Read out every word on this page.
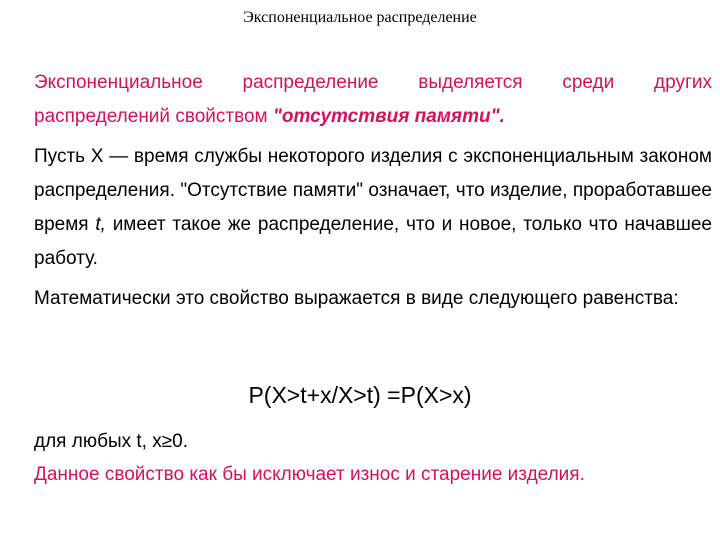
Экспоненциальное распределение

Экспоненциальное распределение выделяется среди других распределений свойством "отсутствия памяти".

Пусть Х — время службы некоторого изделия с экспоненциальным законом распределения. "Отсутствие памяти" означает, что изделие, проработавшее время t, имеет такое же распределение, что и новое, только что начавшее работу.

Математически это свойство выражается в виде следующего равенства:

P(X>t+x/X>t) =P(X>x)
для любых t, x≥0.
Данное свойство как бы исключает износ и старение изделия.
